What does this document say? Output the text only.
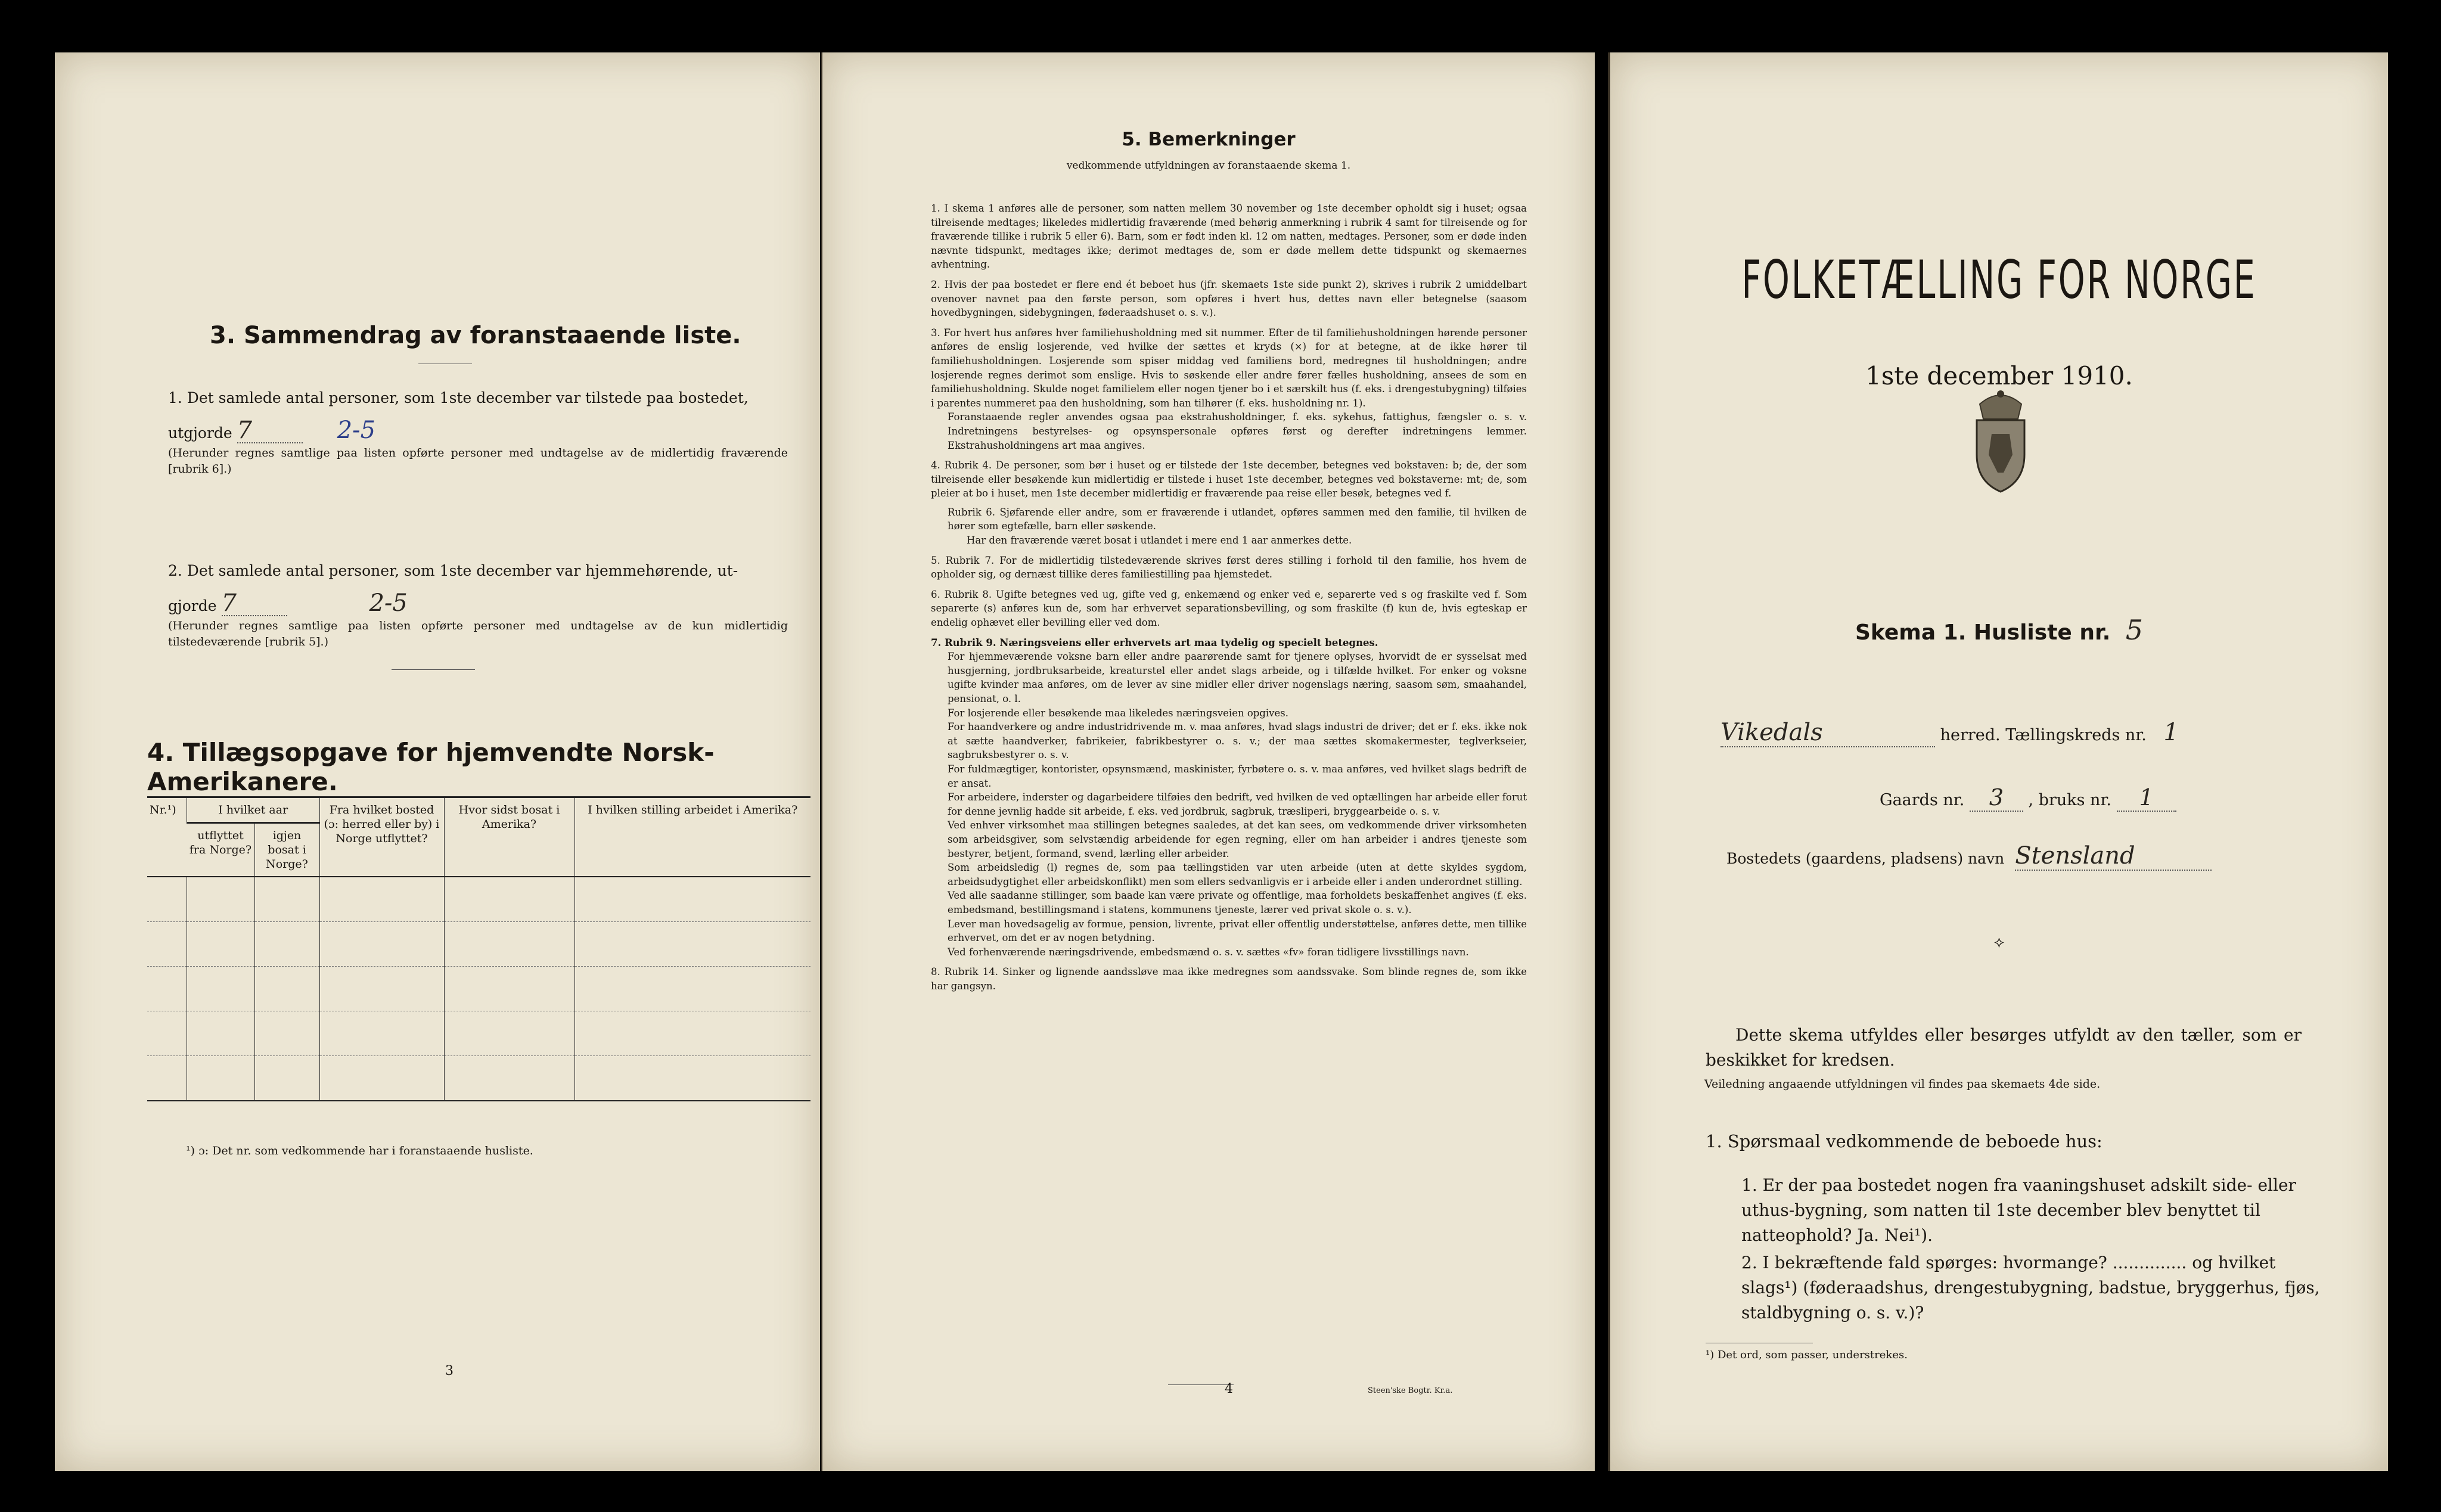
3. Sammendrag av foranstaaende liste.

1. Det samlede antal personer, som 1ste december var tilstede paa bostedet,

utgjorde 7	2-5

(Herunder regnes samtlige paa listen opførte personer med undtagelse av de midlertidig fraværende [rubrik 6].)

2. Det samlede antal personer, som 1ste december var hjemmehørende, ut-

gjorde 7	2-5

(Herunder regnes samtlige paa listen opførte personer med undtagelse av de kun midlertidig tilstedeværende [rubrik 5].)

4. Tillægsopgave for hjemvendte Norsk-Amerikanere.
Nr.¹)	I hvilket aar		Fra hvilket bosted (ɔ: herred eller by) i Norge utflyttet?	Hvor sidst bosat i Amerika?	I hvilken stilling arbeidet i Amerika?
	utflyttet fra Norge?	igjen bosat i Norge?			

¹) ɔ: Det nr. som vedkommende har i foranstaaende husliste.
3
5. Bemerkninger
vedkommende utfyldningen av foranstaaende skema 1.

1. I skema 1 anføres alle de personer, som natten mellem 30 november og 1ste december opholdt sig i huset; ogsaa tilreisende medtages; likeledes midlertidig fraværende (med behørig anmerkning i rubrik 4 samt for tilreisende og for fraværende tillike i rubrik 5 eller 6). Barn, som er født inden kl. 12 om natten, medtages. Personer, som er døde inden nævnte tidspunkt, medtages ikke; derimot medtages de, som er døde mellem dette tidspunkt og skemaernes avhentning.

2. Hvis der paa bostedet er flere end ét beboet hus (jfr. skemaets 1ste side punkt 2), skrives i rubrik 2 umiddelbart ovenover navnet paa den første person, som opføres i hvert hus, dettes navn eller betegnelse (saasom hovedbygningen, sidebygningen, føderaadshuset o. s. v.).

3. For hvert hus anføres hver familiehusholdning med sit nummer. Efter de til familiehusholdningen hørende personer anføres de enslig losjerende, ved hvilke der sættes et kryds (×) for at betegne, at de ikke hører til familiehusholdningen. Losjerende som spiser middag ved familiens bord, medregnes til husholdningen; andre losjerende regnes derimot som enslige. Hvis to søskende eller andre fører fælles husholdning, ansees de som en familiehusholdning. Skulde noget familielem eller nogen tjener bo i et særskilt hus (f. eks. i drengestubygning) tilføies i parentes nummeret paa den husholdning, som han tilhører (f. eks. husholdning nr. 1).

Foranstaaende regler anvendes ogsaa paa ekstrahusholdninger, f. eks. sykehus, fattighus, fængsler o. s. v. Indretningens bestyrelses- og opsynspersonale opføres først og derefter indretningens lemmer. Ekstrahusholdningens art maa angives.

4. Rubrik 4. De personer, som bør i huset og er tilstede der 1ste december, betegnes ved bokstaven: b; de, der som tilreisende eller besøkende kun midlertidig er tilstede i huset 1ste december, betegnes ved bokstaverne: mt; de, som pleier at bo i huset, men 1ste december midlertidig er fraværende paa reise eller besøk, betegnes ved f.

Rubrik 6. Sjøfarende eller andre, som er fraværende i utlandet, opføres sammen med den familie, til hvilken de hører som egtefælle, barn eller søskende.

Har den fraværende været bosat i utlandet i mere end 1 aar anmerkes dette.

5. Rubrik 7. For de midlertidig tilstedeværende skrives først deres stilling i forhold til den familie, hos hvem de opholder sig, og dernæst tillike deres familiestilling paa hjemstedet.

6. Rubrik 8. Ugifte betegnes ved ug, gifte ved g, enkemænd og enker ved e, separerte ved s og fraskilte ved f. Som separerte (s) anføres kun de, som har erhvervet separationsbevilling, og som fraskilte (f) kun de, hvis egteskap er endelig ophævet eller bevilling eller ved dom.

7. Rubrik 9. Næringsveiens eller erhvervets art maa tydelig og specielt betegnes.

For hjemmeværende voksne barn eller andre paarørende samt for tjenere oplyses, hvorvidt de er sysselsat med husgjerning, jordbruksarbeide, kreaturstel eller andet slags arbeide, og i tilfælde hvilket. For enker og voksne ugifte kvinder maa anføres, om de lever av sine midler eller driver nogenslags næring, saasom søm, smaahandel, pensionat, o. l.

For losjerende eller besøkende maa likeledes næringsveien opgives.

For haandverkere og andre industridrivende m. v. maa anføres, hvad slags industri de driver; det er f. eks. ikke nok at sætte haandverker, fabrikeier, fabrikbestyrer o. s. v.; der maa sættes skomakermester, teglverkseier, sagbruksbestyrer o. s. v.

For fuldmægtiger, kontorister, opsynsmænd, maskinister, fyrbøtere o. s. v. maa anføres, ved hvilket slags bedrift de er ansat.

For arbeidere, inderster og dagarbeidere tilføies den bedrift, ved hvilken de ved optællingen har arbeide eller forut for denne jevnlig hadde sit arbeide, f. eks. ved jordbruk, sagbruk, træsliperi, bryggearbeide o. s. v.

Ved enhver virksomhet maa stillingen betegnes saaledes, at det kan sees, om vedkommende driver virksomheten som arbeidsgiver, som selvstændig arbeidende for egen regning, eller om han arbeider i andres tjeneste som bestyrer, betjent, formand, svend, lærling eller arbeider.

Som arbeidsledig (l) regnes de, som paa tællingstiden var uten arbeide (uten at dette skyldes sygdom, arbeidsudygtighet eller arbeidskonflikt) men som ellers sedvanligvis er i arbeide eller i anden underordnet stilling.

Ved alle saadanne stillinger, som baade kan være private og offentlige, maa forholdets beskaffenhet angives (f. eks. embedsmand, bestillingsmand i statens, kommunens tjeneste, lærer ved privat skole o. s. v.).

Lever man hovedsagelig av formue, pension, livrente, privat eller offentlig understøttelse, anføres dette, men tillike erhvervet, om det er av nogen betydning.

Ved forhenværende næringsdrivende, embedsmænd o. s. v. sættes «fv» foran tidligere livsstillings navn.

8. Rubrik 14. Sinker og lignende aandssløve maa ikke medregnes som aandssvake. Som blinde regnes de, som ikke har gangsyn.

4	Steen'ske Bogtr. Kr.a.
FOLKETÆLLING FOR NORGE
1ste december 1910.
Skema 1. Husliste nr. 5
Vikedals	herred. Tællingskreds nr. 1
Gaards nr. 3 , bruks nr. 1
Bostedets (gaardens, pladsens) navn Stensland
⟡
Dette skema utfyldes eller besørges utfyldt av den tæller, som er beskikket for kredsen.
Veiledning angaaende utfyldningen vil findes paa skemaets 4de side.
1. Spørsmaal vedkommende de beboede hus:
1. Er der paa bostedet nogen fra vaaningshuset adskilt side- eller uthus-bygning, som natten til 1ste december blev benyttet til natteophold? Ja. Nei¹).
2. I bekræftende fald spørges: hvormange? .............. og hvilket slags¹) (føderaadshus, drengestubygning, badstue, bryggerhus, fjøs, staldbygning o. s. v.)?
¹) Det ord, som passer, understrekes.
